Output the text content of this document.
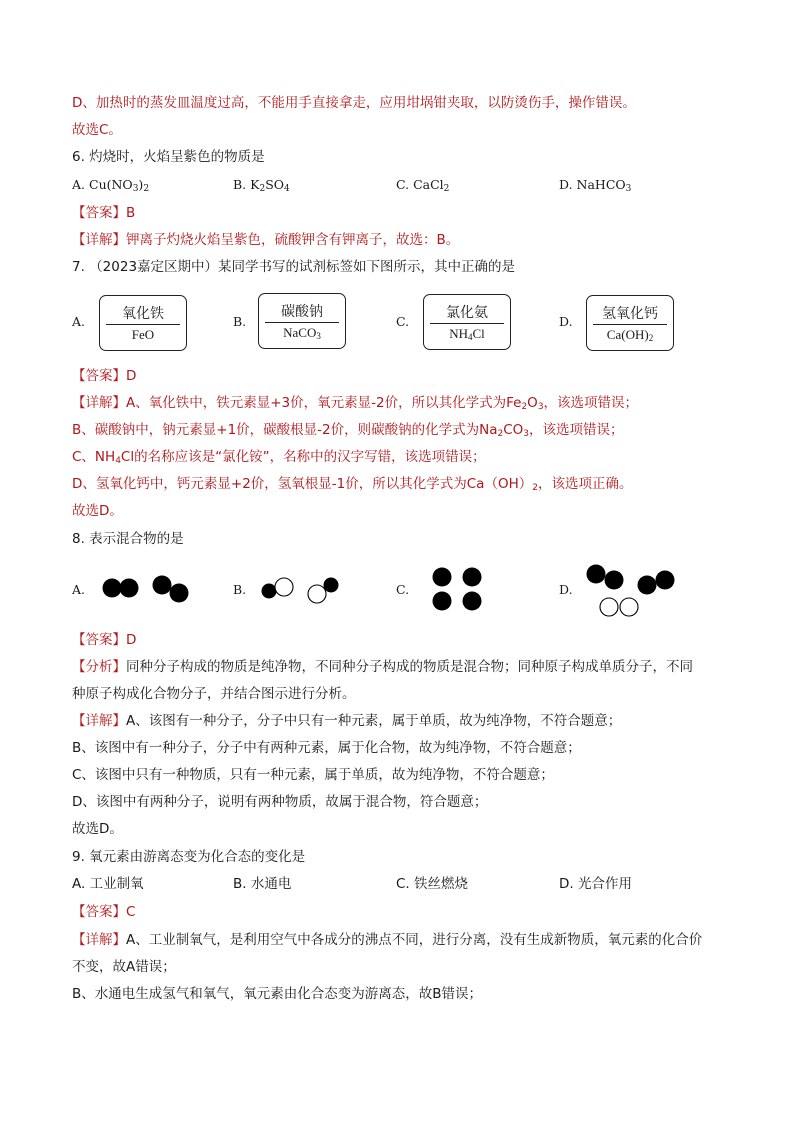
D、加热时的蒸发皿温度过高，不能用手直接拿走，应用坩埚钳夹取，以防烫伤手，操作错误。
故选C。
6. 灼烧时，火焰呈紫色的物质是
A. $Cu(NO_3)_2$	B. $K_2SO_4$	C. CaCl$_2$	D. NaHCO$_3$
【答案】B
【详解】钾离子灼烧火焰呈紫色，硫酸钾含有钾离子，故选：B。
7. （2023嘉定区期中）某同学书写的试剂标签如下图所示，其中正确的是
A.	氧化铁
FeO
B.
碳酸钠
NaCO$_3$
C.
氯化氨
$NH_4Cl$
D.	氢氧化钙
$Ca(OH)_2$
【答案】D
【详解】A、氧化铁中，铁元素显+3价，氧元素显-2价，所以其化学式为$Fe_2O_3$，该选项错误；
B、碳酸钠中，钠元素显+1价，碳酸根显-2价，则碳酸钠的化学式为$Na_2CO_3$，该选项错误；
C、$NH_4Cl$的名称应该是“氯化铵”，名称中的汉字写错，该选项错误；
D、氢氧化钙中，钙元素显+2价，氢氧根显-1价，所以其化学式为$Ca(OH)_2$，该选项正确。
故选D。
8. 表示混合物的是
A.	B.	C.	D.
【答案】D
【分析】同种分子构成的物质是纯净物，不同种分子构成的物质是混合物；同种原子构成单质分子，不同
种原子构成化合物分子，并结合图示进行分析。
【详解】A、该图有一种分子，分子中只有一种元素，属于单质，故为纯净物，不符合题意；
B、该图中有一种分子，分子中有两种元素，属于化合物，故为纯净物，不符合题意；
C、该图中只有一种物质，只有一种元素，属于单质，故为纯净物，不符合题意；
D、该图中有两种分子，说明有两种物质，故属于混合物，符合题意；
故选D。
9. 氧元素由游离态变为化合态的变化是
A. 工业制氧	B. 水通电	C. 铁丝燃烧	D. 光合作用
【答案】C
【详解】A、工业制氧气，是利用空气中各成分的沸点不同，进行分离，没有生成新物质，氧元素的化合价
不变，故A错误；
B、水通电生成氢气和氧气，氧元素由化合态变为游离态，故B错误；
